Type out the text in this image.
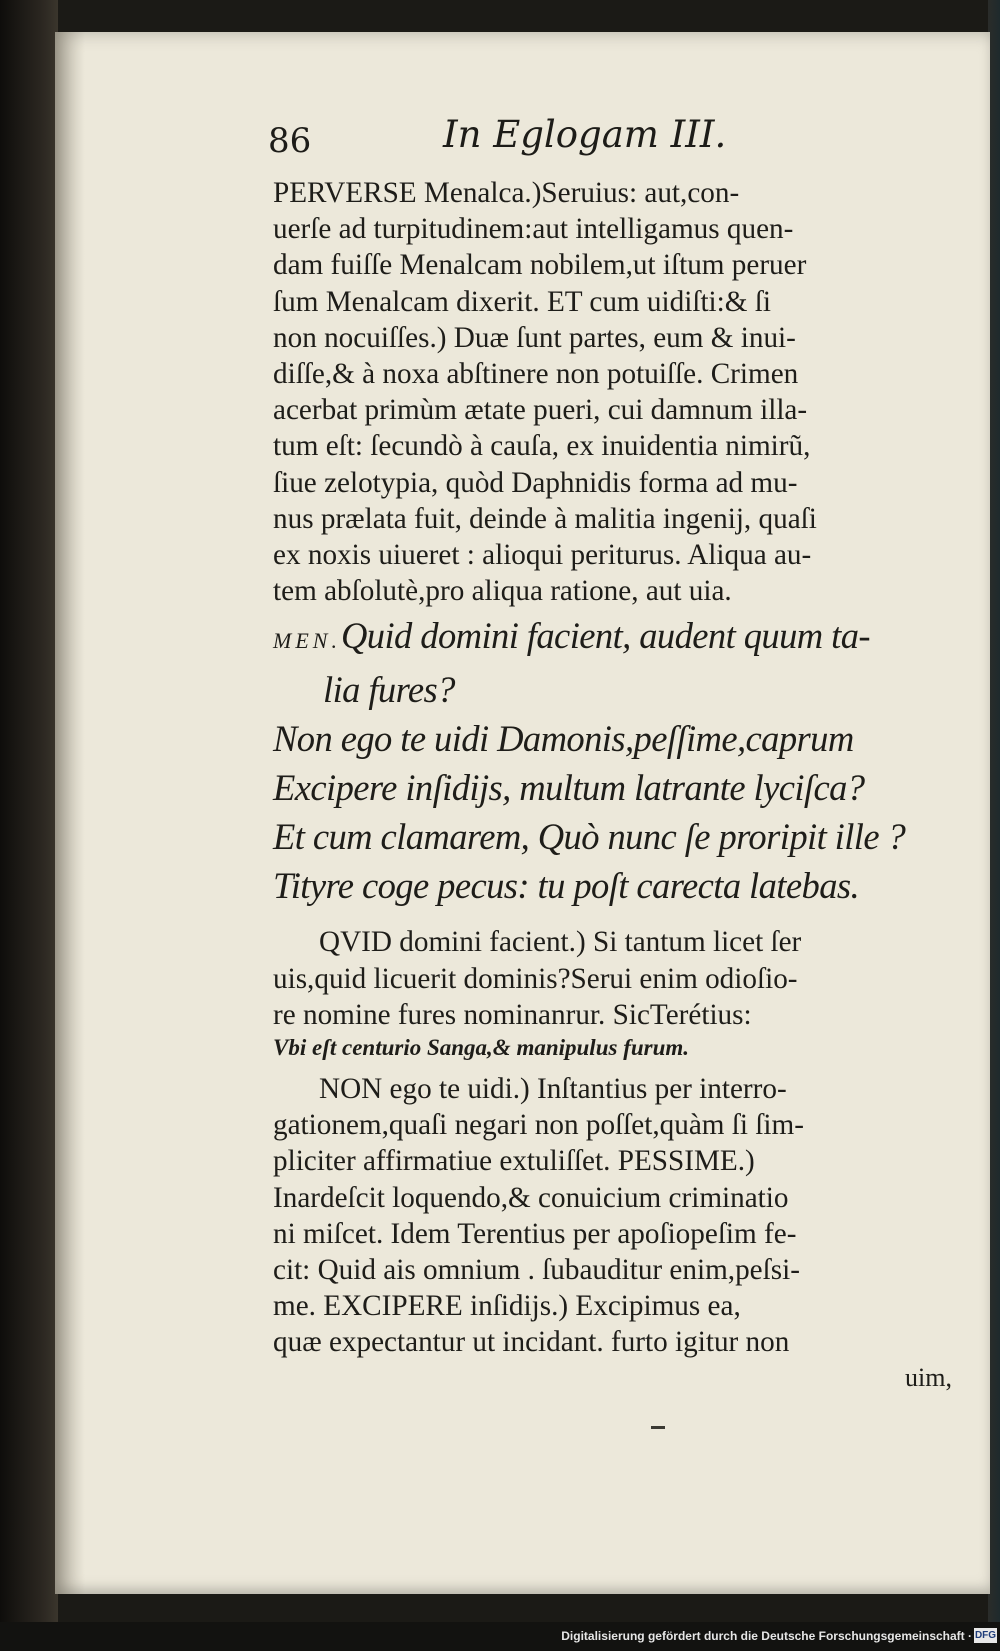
86	In Eglogam III.

PERVERSE Menalca.)Seruius: aut,con-

uerſe ad turpitudinem:aut intelligamus quen-

dam fuiſſe Menalcam nobilem,ut iſtum peruer

ſum Menalcam dixerit. ET cum uidiſti:& ſi

non nocuiſſes.) Duæ ſunt partes, eum & inui-

diſſe,& à noxa abſtinere non potuiſſe. Crimen

acerbat primùm ætate pueri, cui damnum illa-

tum eſt: ſecundò à cauſa, ex inuidentia nimirũ,

ſiue zelotypia, quòd Daphnidis forma ad mu-

nus prælata fuit, deinde à malitia ingenij, quaſi

ex noxis uiueret : alioqui periturus. Aliqua au-

tem abſolutè,pro aliqua ratione, aut uia.

MEN.Quid domini facient, audent quum ta-

lia fures?

Non ego te uidi Damonis,peſſime,caprum

Excipere inſidijs, multum latrante lyciſca?

Et cum clamarem, Quò nunc ſe proripit ille ?

Tityre coge pecus: tu poſt carecta latebas.

QVID domini facient.) Si tantum licet ſer

uis,quid licuerit dominis?Serui enim odioſio-

re nomine fures nominanrur. SicTerétius:

Vbi eſt centurio Sanga,& manipulus furum.

NON ego te uidi.) Inſtantius per interro-

gationem,quaſi negari non poſſet,quàm ſi ſim-

pliciter affirmatiue extuliſſet. PESSIME.)

Inardeſcit loquendo,& conuicium criminatio

ni miſcet. Idem Terentius per apoſiopeſim fe-

cit: Quid ais omnium . ſubauditur enim,peſsi-

me. EXCIPERE inſidijs.) Excipimus ea,

quæ expectantur ut incidant. furto igitur non

uim,
Digitalisierung gefördert durch die Deutsche Forschungsgemeinschaft · DFG
